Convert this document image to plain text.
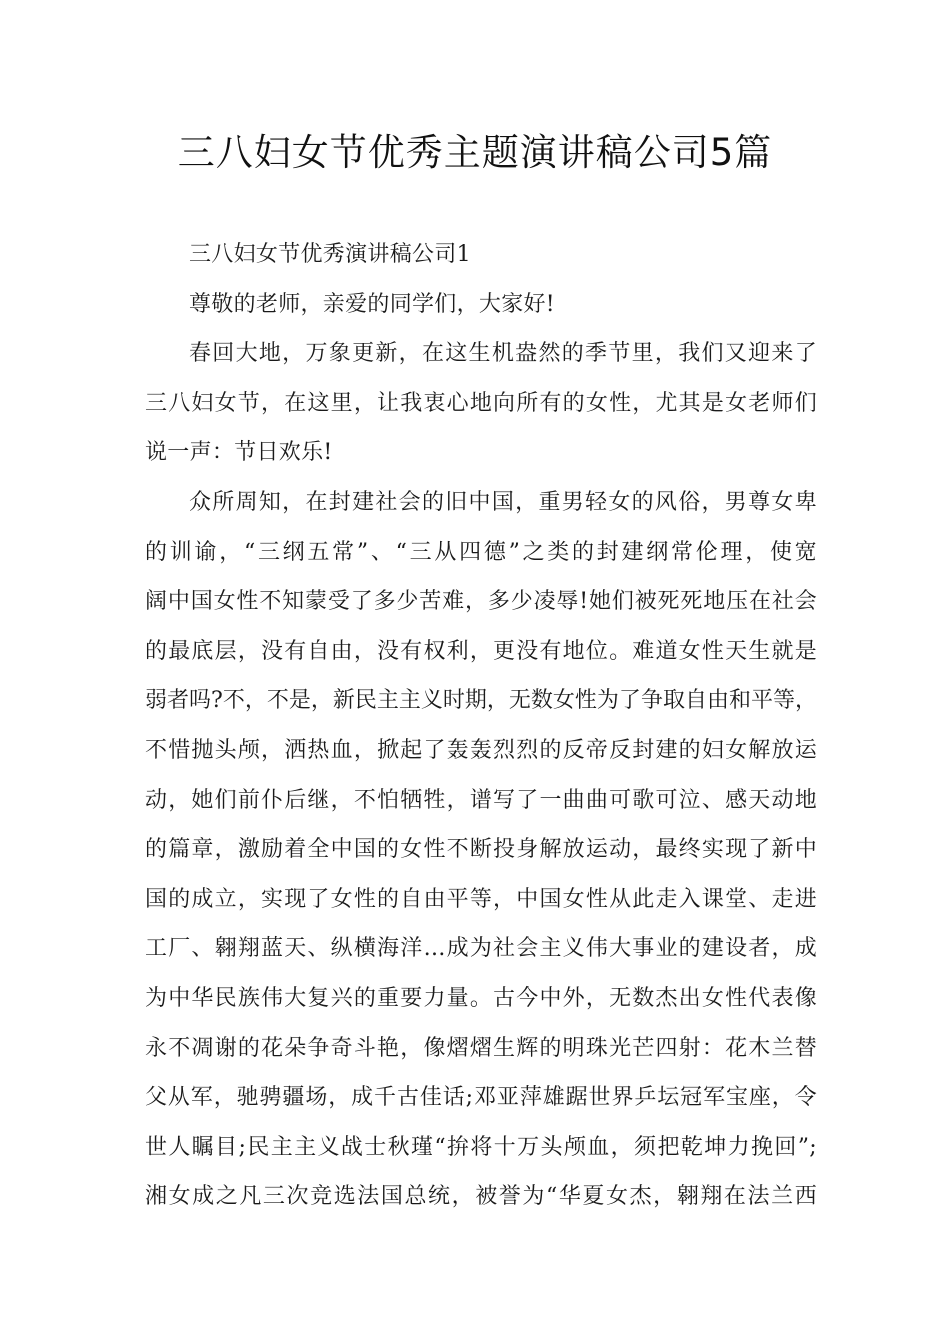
三八妇女节优秀主题演讲稿公司5篇

三八妇女节优秀演讲稿公司1

尊敬的老师，亲爱的同学们，大家好!

春回大地，万象更新，在这生机盎然的季节里，我们又迎来了
三八妇女节，在这里，让我衷心地向所有的女性，尤其是女老师们
说一声：节日欢乐!

众所周知，在封建社会的旧中国，重男轻女的风俗，男尊女卑
的训谕，“三纲五常”、“三从四德”之类的封建纲常伦理，使宽
阔中国女性不知蒙受了多少苦难，多少凌辱!她们被死死地压在社会
的最底层，没有自由，没有权利，更没有地位。难道女性天生就是
弱者吗?不，不是，新民主主义时期，无数女性为了争取自由和平等，
不惜抛头颅，洒热血，掀起了轰轰烈烈的反帝反封建的妇女解放运
动，她们前仆后继，不怕牺牲，谱写了一曲曲可歌可泣、感天动地
的篇章，激励着全中国的女性不断投身解放运动，最终实现了新中
国的成立，实现了女性的自由平等，中国女性从此走入课堂、走进
工厂、翱翔蓝天、纵横海洋…成为社会主义伟大事业的建设者，成
为中华民族伟大复兴的重要力量。古今中外，无数杰出女性代表像
永不凋谢的花朵争奇斗艳，像熠熠生辉的明珠光芒四射：花木兰替
父从军，驰骋疆场，成千古佳话;邓亚萍雄踞世界乒坛冠军宝座，令
世人瞩目;民主主义战士秋瑾“拚将十万头颅血，须把乾坤力挽回”;
湘女成之凡三次竞选法国总统，被誉为“华夏女杰，翱翔在法兰西
